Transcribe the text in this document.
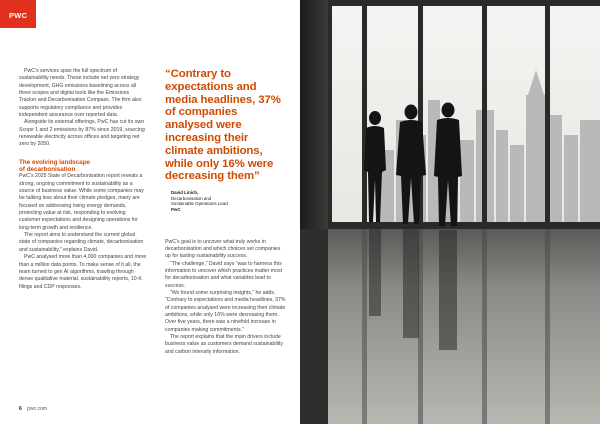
PWC

PwC's services span the full spectrum of sustainability needs. These include net zero strategy development, GHG emissions baselining across all three scopes and digital tools like the Emissions Tracker and Decarbonisation Compass. The firm also supports regulatory compliance and provides independent assurance over reported data.

Alongside its external offerings, PwC has cut its own Scope 1 and 2 emissions by 87% since 2019, sourcing renewable electricity across offices and targeting net zero by 2050.

The evolving landscape
of decarbonisation

PwC's 2025 State of Decarbonisation report reveals a strong, ongoing commitment to sustainability as a source of business value. While some companies may be talking less about their climate pledges, many are focused on addressing rising energy demands, protecting value at risk, responding to evolving customer expectations and designing operations for long-term growth and resilience.

The report aims to understand the current global state of companies regarding climate, decarbonisation and sustainability," explains David.

PwC analysed more than 4,000 companies and more than a million data points. To make sense of it all, the team turned to gen AI algorithms, trawling through dense qualitative material, sustainability reports, 10-K filings and CDP responses.

“Contrary to expectations and media headlines, 37% of companies analysed were increasing their climate ambitions, while only 16% were decreasing them”
David Linich,
Decarbonisation and
Sustainable Operations Lead
PwC

PwC's goal is to uncover what truly works in decarbonisation and which choices set companies up for lasting sustainability success.

“The challenge,” David says “was to harness this information to uncover which practices matter most for decarbonisation and what variables lead to success.

“We found some surprising insights,” he adds. “Contrary to expectations and media headlines, 37% of companies analysed were increasing their climate ambitions, while only 16% were decreasing them. Over five years, there was a ninefold increase in companies making commitments.”

The report explains that the main drivers include business value as customers demand sustainability and carbon intensity information.

6 pwc.com
